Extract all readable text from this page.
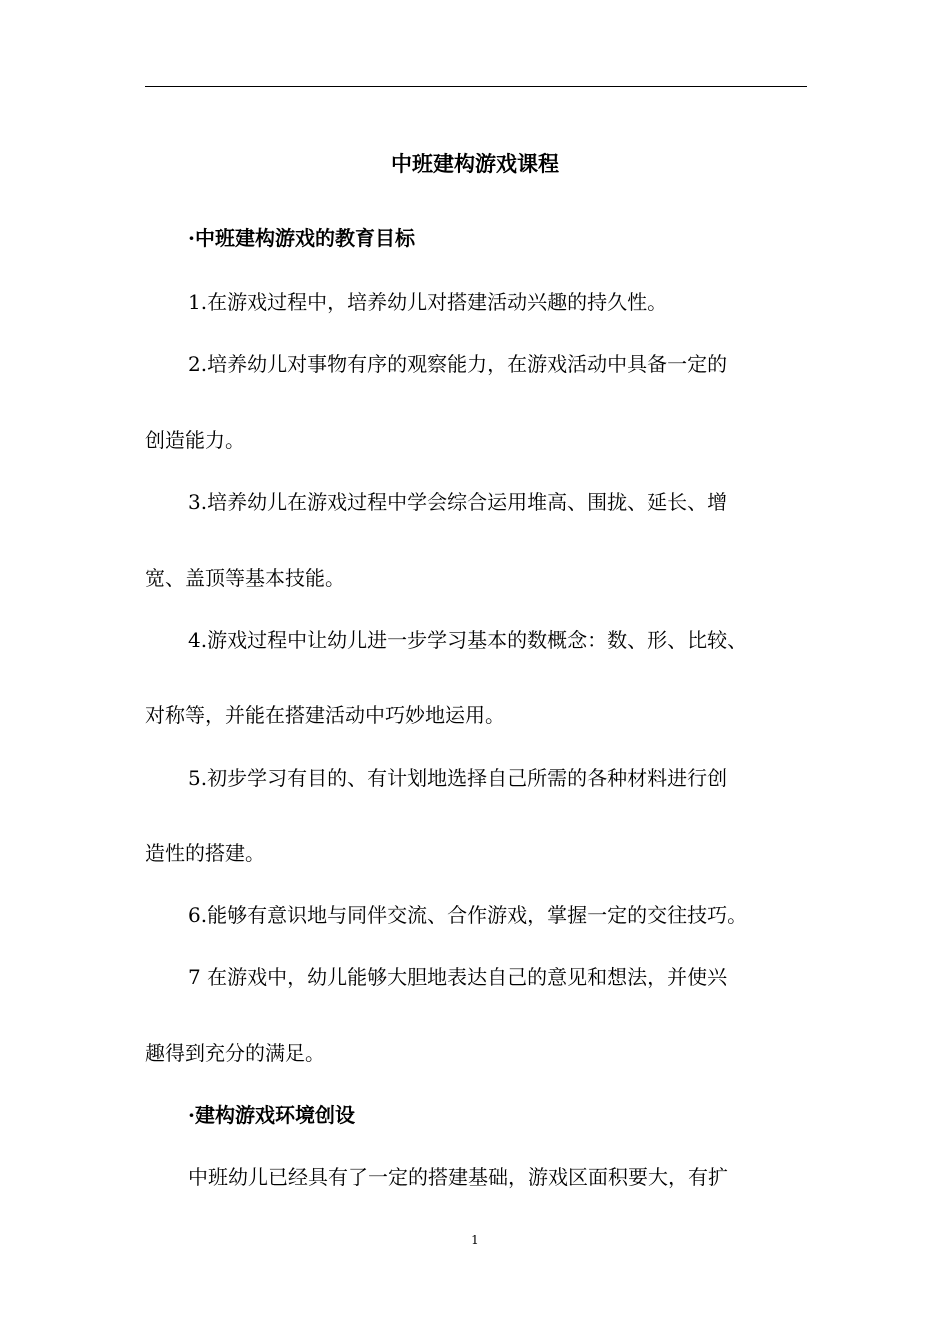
中班建构游戏课程

·中班建构游戏的教育目标

1.在游戏过程中，培养幼儿对搭建活动兴趣的持久性。

2.培养幼儿对事物有序的观察能力，在游戏活动中具备一定的

创造能力。

3.培养幼儿在游戏过程中学会综合运用堆高、围拢、延长、增

宽、盖顶等基本技能。

4.游戏过程中让幼儿进一步学习基本的数概念：数、形、比较、

对称等，并能在搭建活动中巧妙地运用。

5.初步学习有目的、有计划地选择自己所需的各种材料进行创

造性的搭建。

6.能够有意识地与同伴交流、合作游戏，掌握一定的交往技巧。

7 在游戏中，幼儿能够大胆地表达自己的意见和想法，并使兴

趣得到充分的满足。

·建构游戏环境创设

中班幼儿已经具有了一定的搭建基础，游戏区面积要大，有扩

1
